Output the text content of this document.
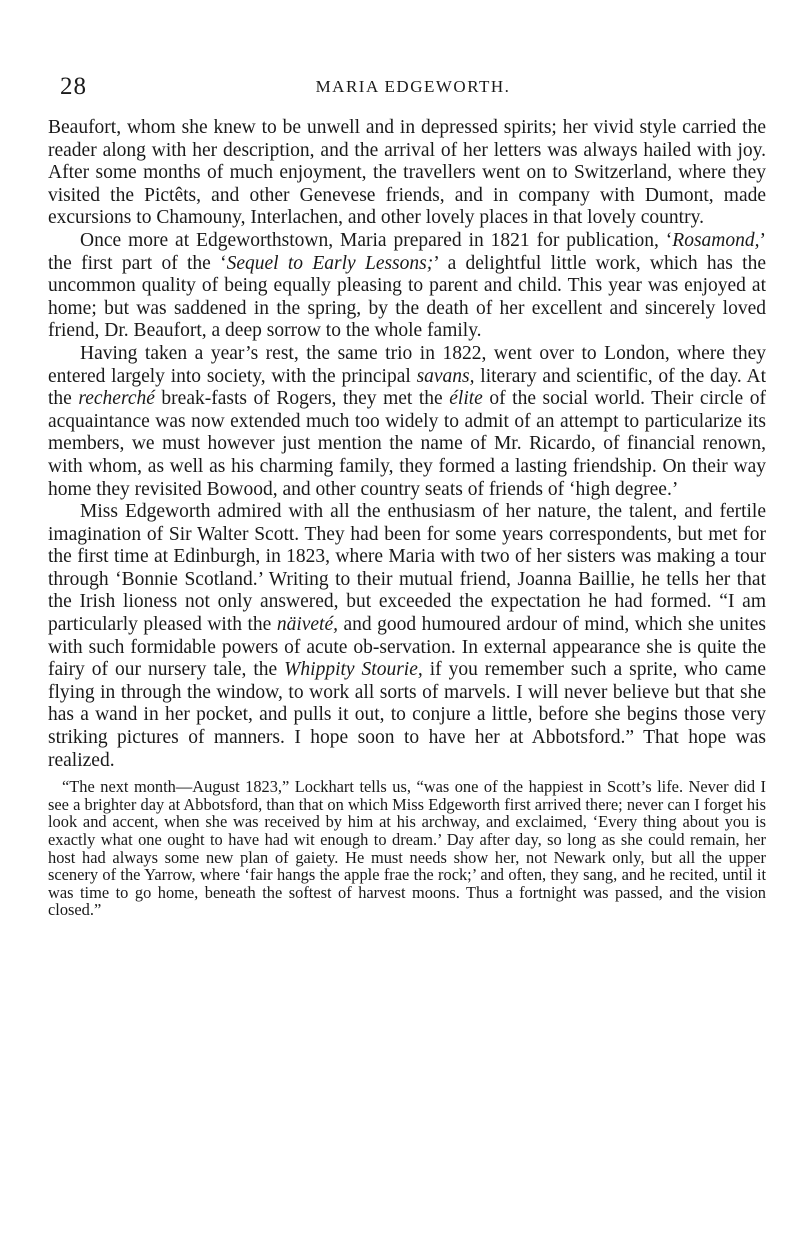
28	MARIA EDGEWORTH.

Beaufort, whom she knew to be unwell and in depressed spirits; her vivid style carried the reader along with her description, and the arrival of her letters was always hailed with joy. After some months of much enjoyment, the travellers went on to Switzerland, where they visited the Pictêts, and other Genevese friends, and in company with Dumont, made excursions to Chamouny, Interlachen, and other lovely places in that lovely country.

Once more at Edgeworthstown, Maria prepared in 1821 for publication, ‘Rosamond,’ the first part of the ‘Sequel to Early Lessons;’ a delightful little work, which has the uncommon quality of being equally pleasing to parent and child. This year was enjoyed at home; but was saddened in the spring, by the death of her excellent and sincerely loved friend, Dr. Beaufort, a deep sorrow to the whole family.

Having taken a year’s rest, the same trio in 1822, went over to London, where they entered largely into society, with the principal savans, literary and scientific, of the day. At the recherché break-fasts of Rogers, they met the élite of the social world. Their circle of acquaintance was now extended much too widely to admit of an attempt to particularize its members, we must however just mention the name of Mr. Ricardo, of financial renown, with whom, as well as his charming family, they formed a lasting friendship. On their way home they revisited Bowood, and other country seats of friends of ‘high degree.’

Miss Edgeworth admired with all the enthusiasm of her nature, the talent, and fertile imagination of Sir Walter Scott. They had been for some years correspondents, but met for the first time at Edinburgh, in 1823, where Maria with two of her sisters was making a tour through ‘Bonnie Scotland.’ Writing to their mutual friend, Joanna Baillie, he tells her that the Irish lioness not only answered, but exceeded the expectation he had formed. “I am particularly pleased with the näiveté, and good humoured ardour of mind, which she unites with such formidable powers of acute ob-servation. In external appearance she is quite the fairy of our nursery tale, the Whippity Stourie, if you remember such a sprite, who came flying in through the window, to work all sorts of marvels. I will never believe but that she has a wand in her pocket, and pulls it out, to conjure a little, before she begins those very striking pictures of manners. I hope soon to have her at Abbotsford.” That hope was realized.

“The next month—August 1823,” Lockhart tells us, “was one of the happiest in Scott’s life. Never did I see a brighter day at Abbotsford, than that on which Miss Edgeworth first arrived there; never can I forget his look and accent, when she was received by him at his archway, and exclaimed, ‘Every thing about you is exactly what one ought to have had wit enough to dream.’ Day after day, so long as she could remain, her host had always some new plan of gaiety. He must needs show her, not Newark only, but all the upper scenery of the Yarrow, where ‘fair hangs the apple frae the rock;’ and often, they sang, and he recited, until it was time to go home, beneath the softest of harvest moons. Thus a fortnight was passed, and the vision closed.”
